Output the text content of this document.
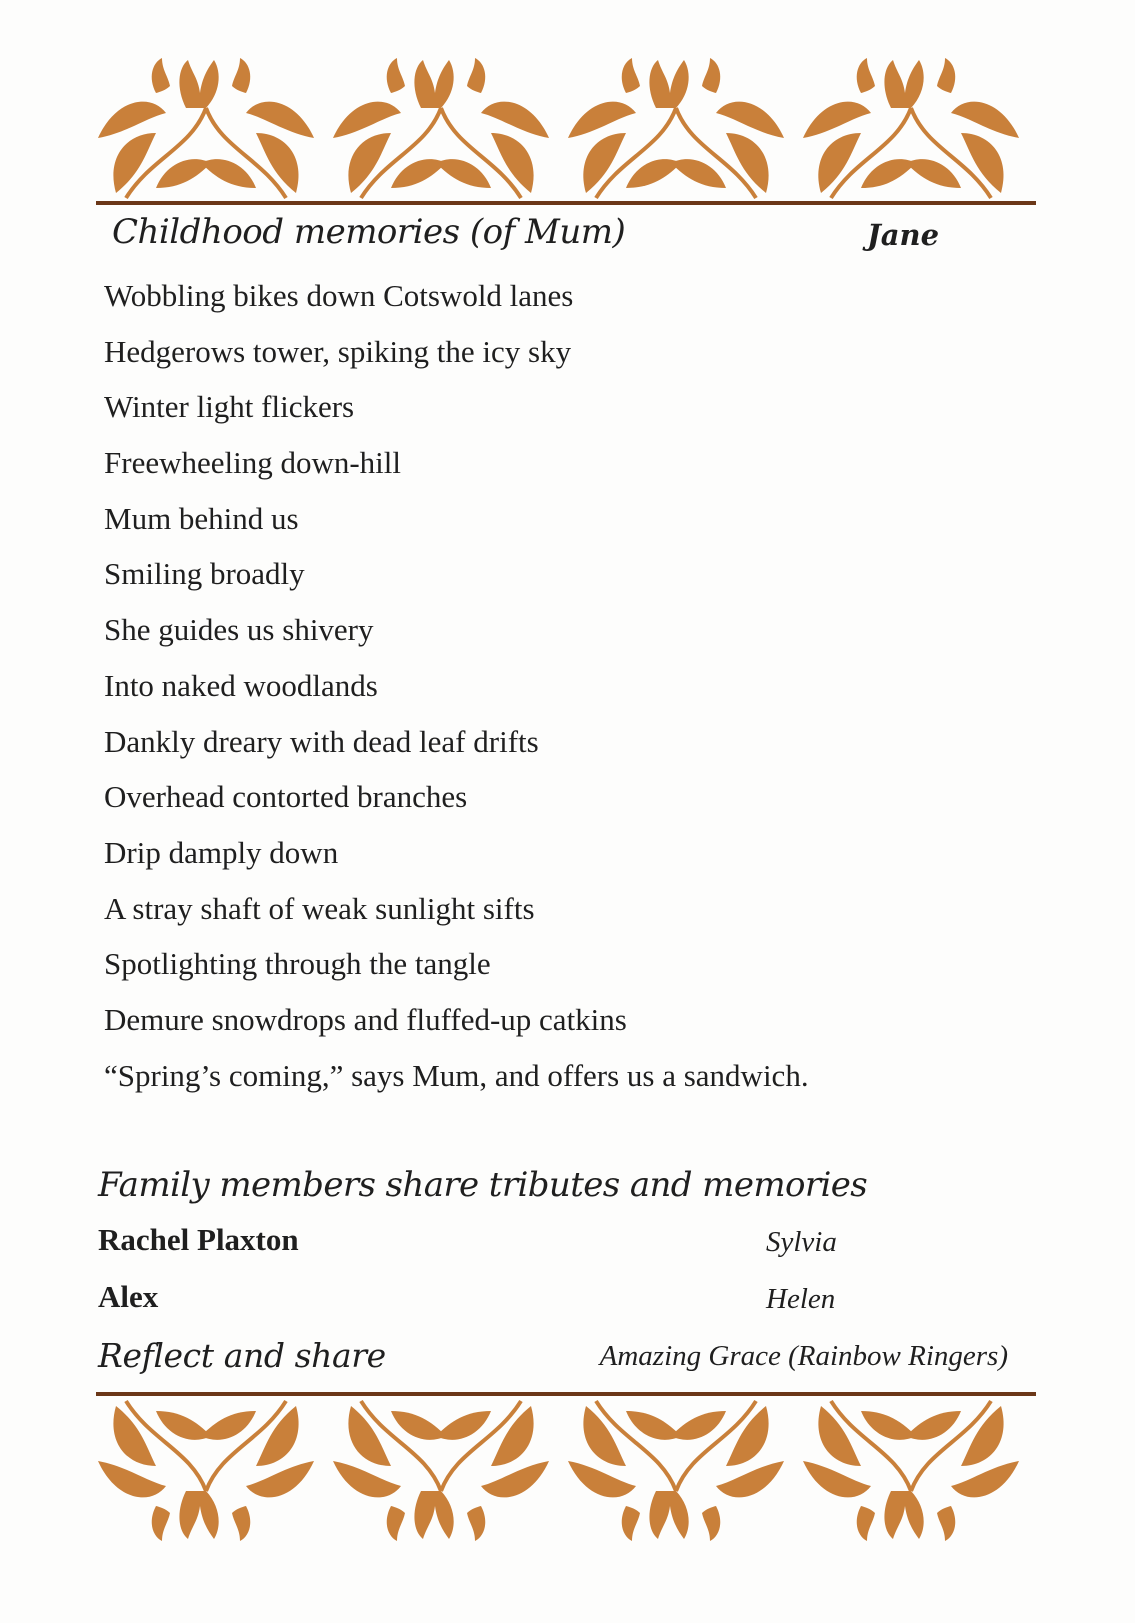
Childhood memories (of Mum)	Jane
Wobbling bikes down Cotswold lanes
Hedgerows tower, spiking the icy sky
Winter light flickers
Freewheeling down-hill
Mum behind us
Smiling broadly
She guides us shivery
Into naked woodlands
Dankly dreary with dead leaf drifts
Overhead contorted branches
Drip damply down
A stray shaft of weak sunlight sifts
Spotlighting through the tangle
Demure snowdrops and fluffed-up catkins
“Spring’s coming,” says Mum, and offers us a sandwich.
Family members share tributes and memories
Rachel Plaxton	Sylvia
Alex	Helen
Reflect and share	Amazing Grace (Rainbow Ringers)
